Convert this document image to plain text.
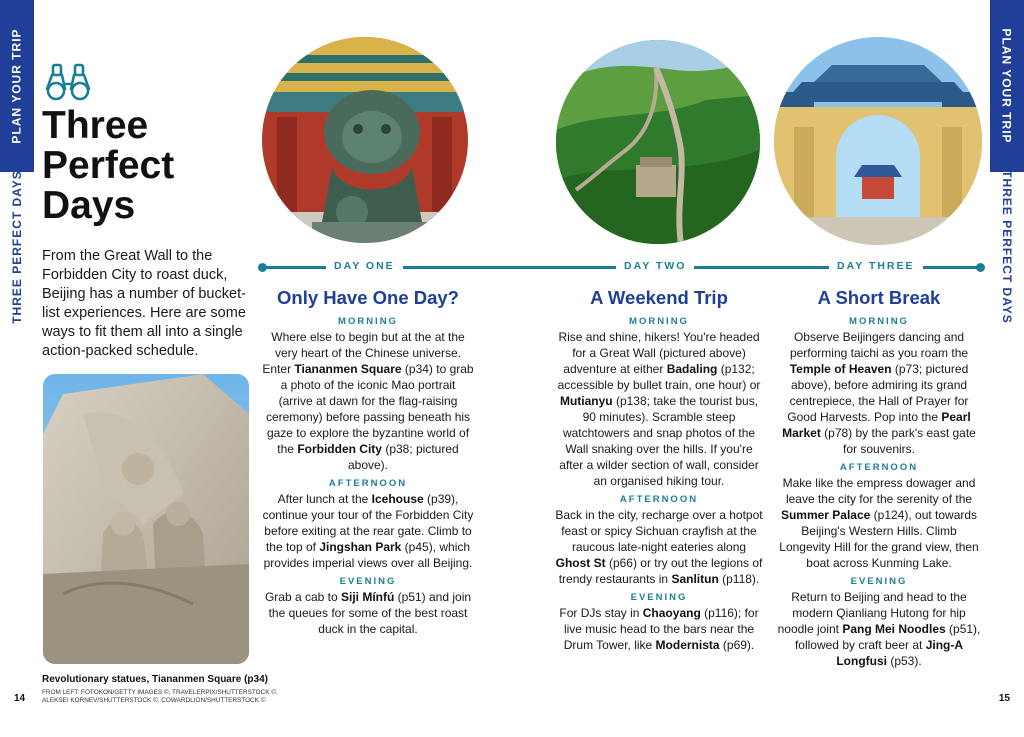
PLAN YOUR TRIP
THREE PERFECT DAYS
PLAN YOUR TRIP
THREE PERFECT DAYS
Three
Perfect
Days

From the Great Wall to the Forbidden City to roast duck, Beijing has a number of bucket-list experiences. Here are some ways to fit them all into a single action-packed schedule.

Revolutionary statues, Tiananmen Square (p34)
FROM LEFT: FOTOKON/GETTY IMAGES ©, TRAVELERPIX/SHUTTERSTOCK ©,
ALEKSEI KORNEV/SHUTTERSTOCK ©, COWARDLION/SHUTTERSTOCK ©
14	15
DAY ONE	DAY TWO	DAY THREE
Only Have One Day?
MORNING

Where else to begin but at the at the very heart of the Chinese universe. Enter Tiananmen Square (p34) to grab a photo of the iconic Mao portrait (arrive at dawn for the flag-raising ceremony) before passing beneath his gaze to explore the byzantine world of the Forbidden City (p38; pictured above).

AFTERNOON

After lunch at the Icehouse (p39), continue your tour of the Forbidden City before exiting at the rear gate. Climb to the top of Jingshan Park (p45), which provides imperial views over all Beijing.

EVENING

Grab a cab to Siji Mínfú (p51) and join the queues for some of the best roast duck in the capital.

A Weekend Trip
MORNING

Rise and shine, hikers! You're headed for a Great Wall (pictured above) adventure at either Badaling (p132; accessible by bullet train, one hour) or Mutianyu (p138; take the tourist bus, 90 minutes). Scramble steep watchtowers and snap photos of the Wall snaking over the hills. If you're after a wilder section of wall, consider an organised hiking tour.

AFTERNOON

Back in the city, recharge over a hotpot feast or spicy Sichuan crayfish at the raucous late-night eateries along Ghost St (p66) or try out the legions of trendy restaurants in Sanlitun (p118).

EVENING

For DJs stay in Chaoyang (p116); for live music head to the bars near the Drum Tower, like Modernista (p69).

A Short Break
MORNING

Observe Beijingers dancing and performing taichi as you roam the Temple of Heaven (p73; pictured above), before admiring its grand centrepiece, the Hall of Prayer for Good Harvests. Pop into the Pearl Market (p78) by the park's east gate for souvenirs.

AFTERNOON

Make like the empress dowager and leave the city for the serenity of the Summer Palace (p124), out towards Beijing's Western Hills. Climb Longevity Hill for the grand view, then boat across Kunming Lake.

EVENING

Return to Beijing and head to the modern Qianliang Hutong for hip noodle joint Pang Mei Noodles (p51), followed by craft beer at Jing-A Longfusi (p53).
